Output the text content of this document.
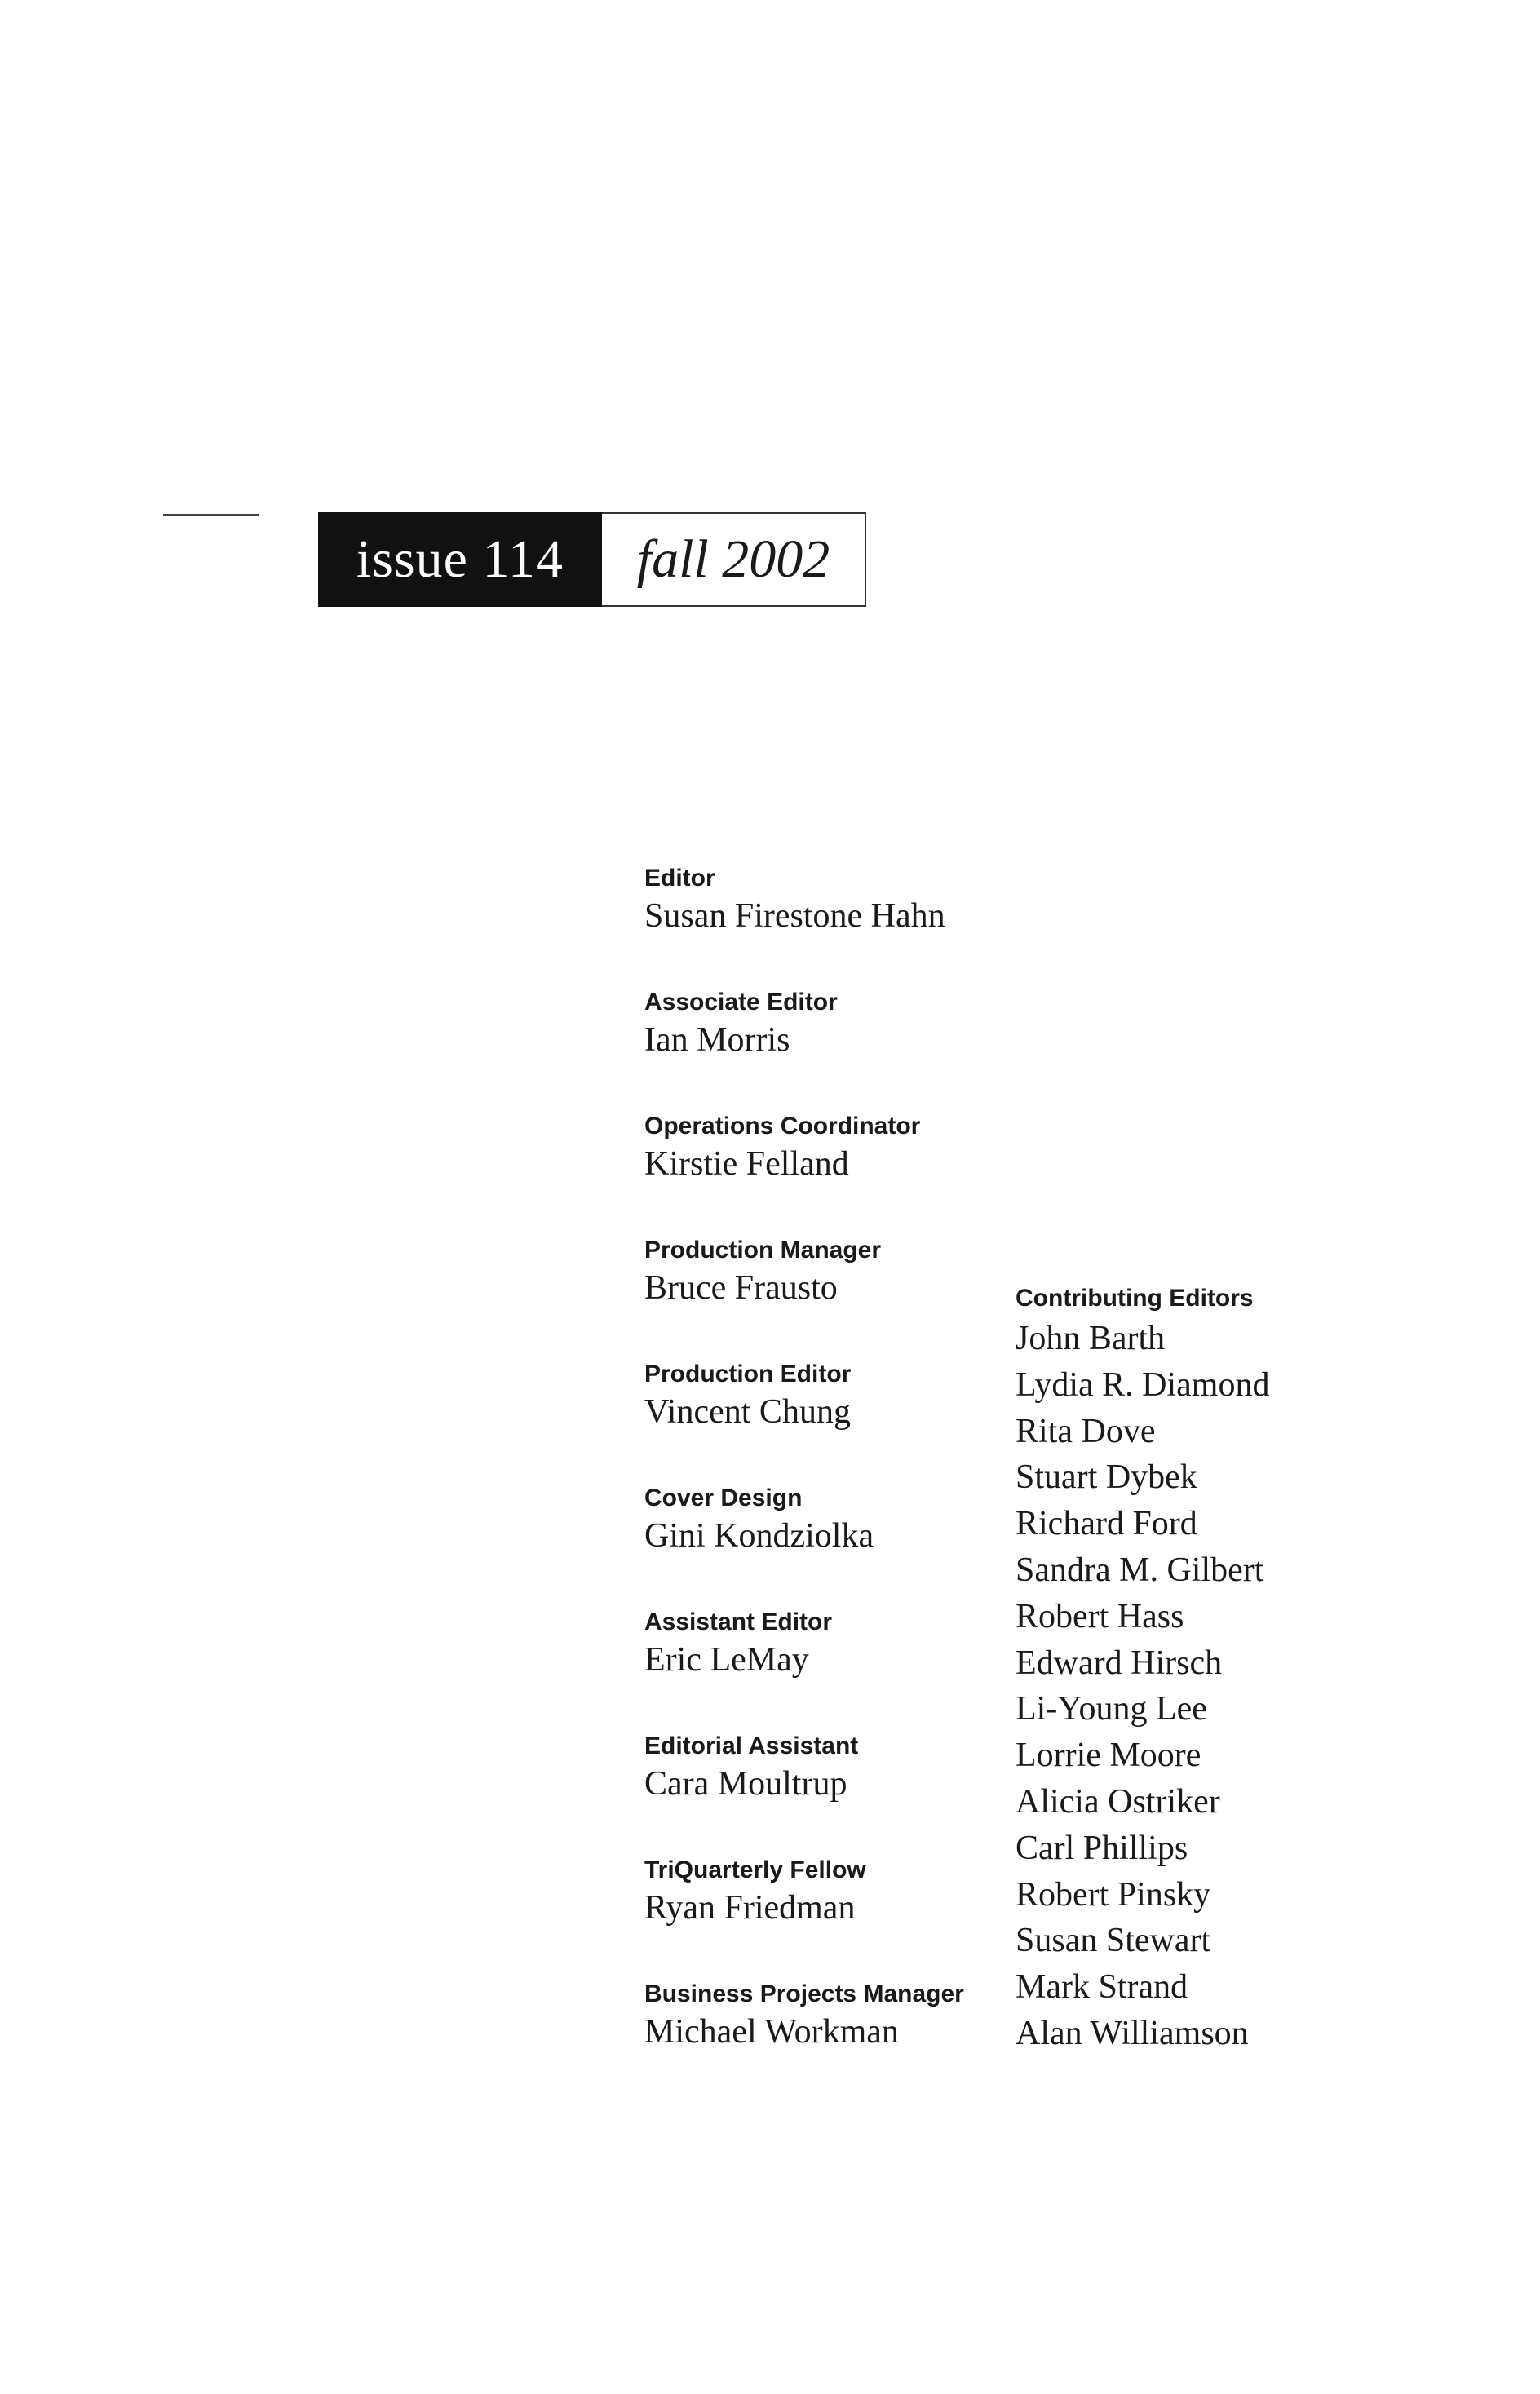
issue 114	fall 2002
Editor
Susan Firestone Hahn
Associate Editor
Ian Morris
Operations Coordinator
Kirstie Felland
Production Manager
Bruce Frausto
Production Editor
Vincent Chung
Cover Design
Gini Kondziolka
Assistant Editor
Eric LeMay
Editorial Assistant
Cara Moultrup
TriQuarterly Fellow
Ryan Friedman
Business Projects Manager
Michael Workman
Contributing Editors
John Barth
Lydia R. Diamond
Rita Dove
Stuart Dybek
Richard Ford
Sandra M. Gilbert
Robert Hass
Edward Hirsch
Li-Young Lee
Lorrie Moore
Alicia Ostriker
Carl Phillips
Robert Pinsky
Susan Stewart
Mark Strand
Alan Williamson
